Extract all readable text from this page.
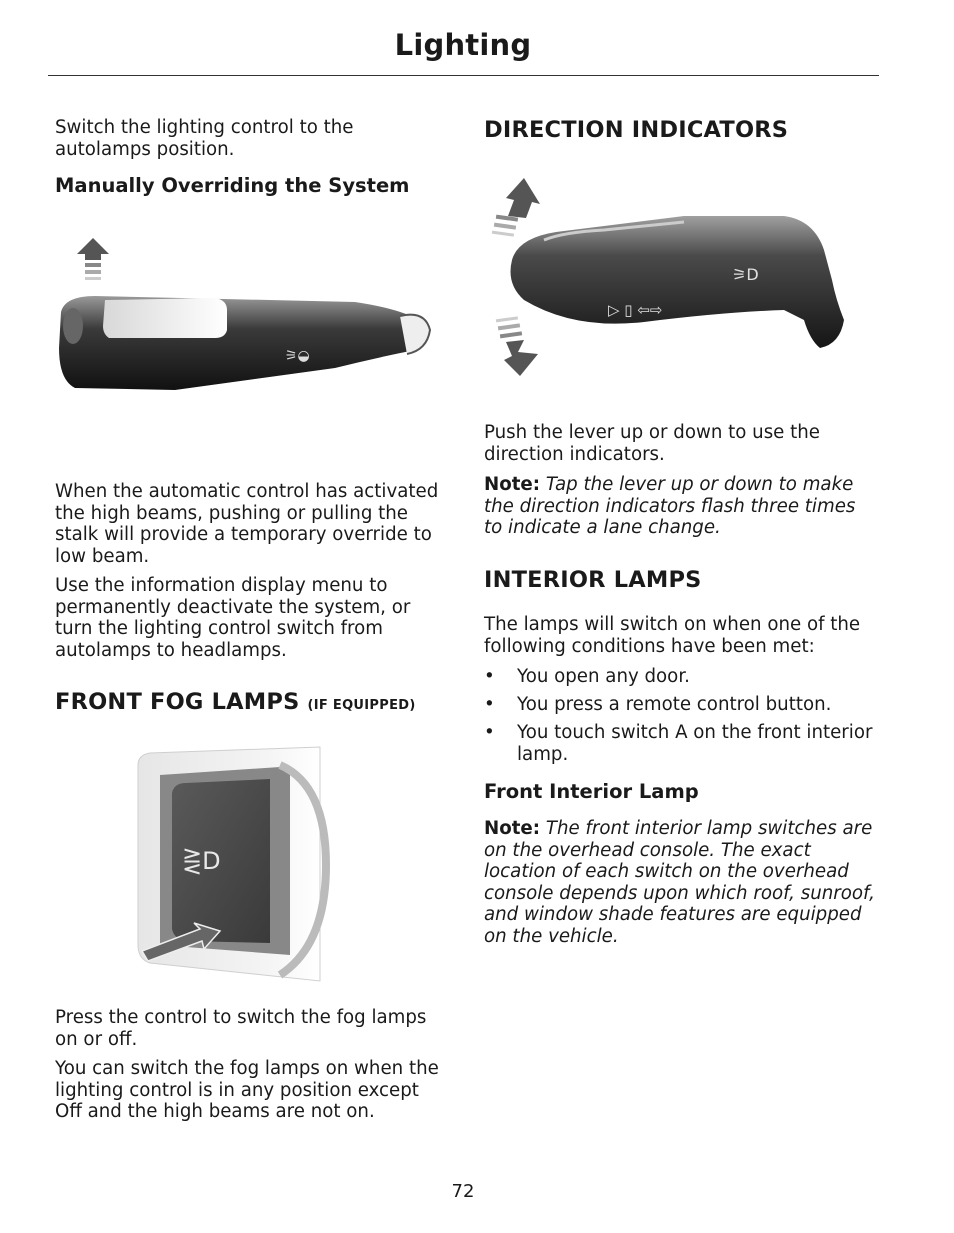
Lighting

Switch the lighting control to the autolamps position.

Manually Overriding the System
⚞◒

When the automatic control has activated the high beams, pushing or pulling the stalk will provide a temporary override to low beam.

Use the information display menu to permanently deactivate the system, or turn the lighting control switch from autolamps to headlamps.

FRONT FOG LAMPS (IF EQUIPPED)
⋛D

Press the control to switch the fog lamps on or off.

You can switch the fog lamps on when the lighting control is in any position except Off and the high beams are not on.

DIRECTION INDICATORS
▷ ▯ ⇦⇨
⚞D

Push the lever up or down to use the direction indicators.

Note: Tap the lever up or down to make the direction indicators flash three times to indicate a lane change.

INTERIOR LAMPS

The lamps will switch on when one of the following conditions have been met:

• You open any door.
• You press a remote control button.
• You touch switch A on the front interior lamp.
Front Interior Lamp

Note: The front interior lamp switches are on the overhead console. The exact location of each switch on the overhead console depends upon which roof, sunroof, and window shade features are equipped on the vehicle.

72
